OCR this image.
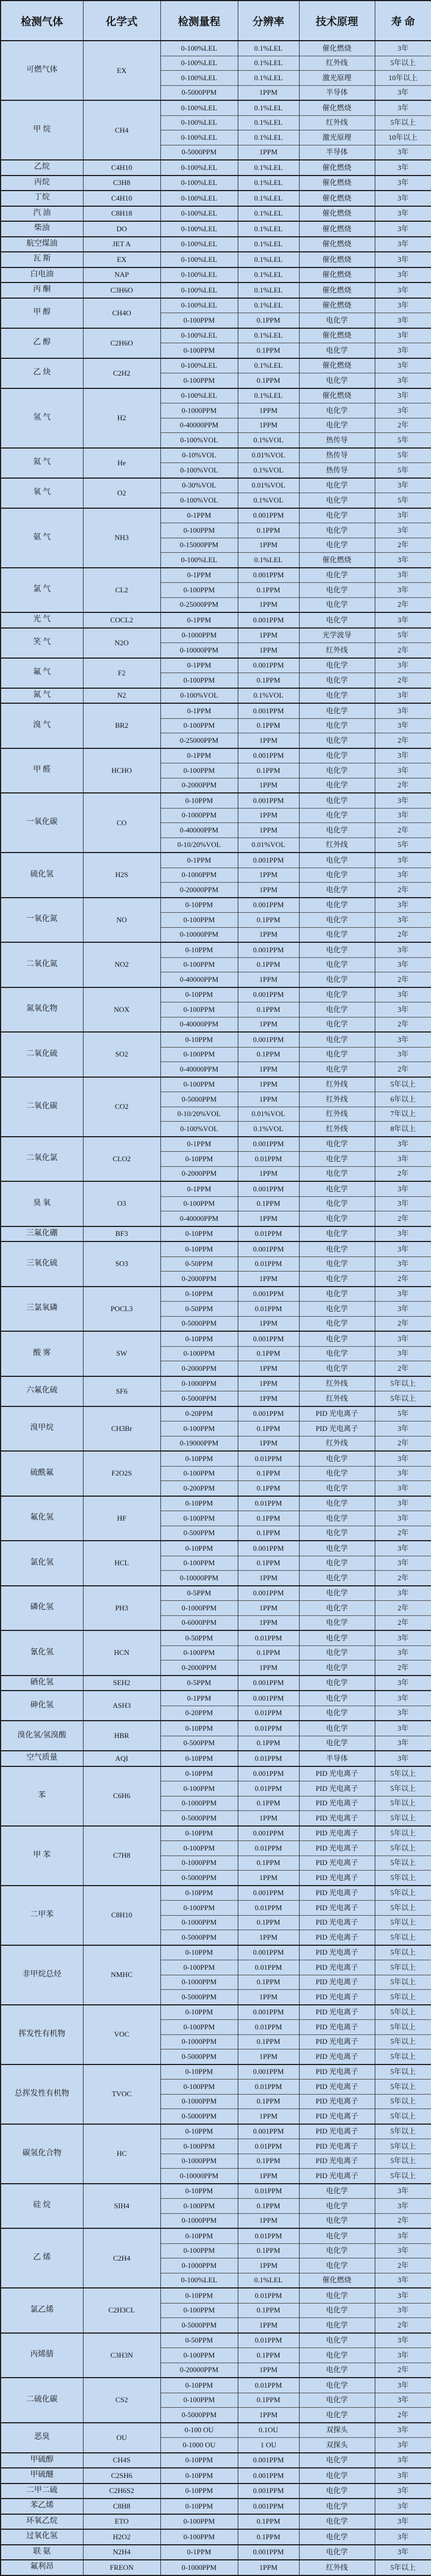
检测气体	化学式	检测量程	分辨率	技术原理	寿 命
可燃气体	EX	0-100%LEL	0.1%LEL	催化燃烧	3年
		0-100%LEL	0.1%LEL	红外线	5年以上
		0-100%LEL	0.1%LEL	激光原理	10年以上
		0-5000PPM	1PPM	半导体	3年
甲 烷	CH4	0-100%LEL	0.1%LEL	催化燃烧	3年
		0-100%LEL	0.1%LEL	红外线	5年以上
		0-100%LEL	0.1%LEL	激光原理	10年以上
		0-5000PPM	1PPM	半导体	3年
乙烷	C4H10	0-100%LEL	0.1%LEL	催化燃烧	3年
丙烷	C3H8	0-100%LEL	0.1%LEL	催化燃烧	3年
丁烷	C4H10	0-100%LEL	0.1%LEL	催化燃烧	3年
汽 油	C8H18	0-100%LEL	0.1%LEL	催化燃烧	3年
柴油	DO	0-100%LEL	0.1%LEL	催化燃烧	3年
航空煤油	JET A	0-100%LEL	0.1%LEL	催化燃烧	3年
瓦 斯	EX	0-100%LEL	0.1%LEL	催化燃烧	3年
白电油	NAP	0-100%LEL	0.1%LEL	催化燃烧	3年
丙 酮	C3H6O	0-100%LEL	0.1%LEL	催化燃烧	3年
甲 醇	CH4O	0-100%LEL	0.1%LEL	催化燃烧	3年
		0-100PPM	0.1PPM	电化学	3年
乙 醇	C2H6O	0-100%LEL	0.1%LEL	催化燃烧	3年
		0-100PPM	0.1PPM	电化学	3年
乙 炔	C2H2	0-100%LEL	0.1%LEL	催化燃烧	3年
		0-100PPM	0.1PPM	电化学	3年
氢 气	H2	0-100%LEL	0.1%LEL	催化燃烧	3年
		0-1000PPM	1PPM	电化学	3年
		0-40000PPM	1PPM	电化学	2年
		0-100%VOL	0.1%VOL	热传导	5年
氦 气	He	0-10%VOL	0.01%VOL	热传导	5年
		0-100%VOL	0.1%VOL	热传导	5年
氧 气	O2	0-30%VOL	0.01%VOL	电化学	3年
		0-100%VOL	0.1%VOL	电化学	5年
氨 气	NH3	0-1PPM	0.001PPM	电化学	3年
		0-100PPM	0.1PPM	电化学	3年
		0-15000PPM	1PPM	电化学	2年
		0-100%LEL	0.1%LEL	催化燃烧	3年
氯 气	CL2	0-1PPM	0.001PPM	电化学	3年
		0-100PPM	0.1PPM	电化学	3年
		0-25000PPM	1PPM	电化学	2年
光 气	COCL2	0-1PPM	0.001PPM	电化学	3年
笑 气	N2O	0-1000PPM	1PPM	光学波导	5年
		0-10000PPM	1PPM	红外线	2年
氟 气	F2	0-1PPM	0.001PPM	电化学	3年
		0-100PPM	0.1PPM	电化学	2年
氮 气	N2	0-100%VOL	0.1%VOL	电化学	3年
溴 气	BR2	0-1PPM	0.001PPM	电化学	3年
		0-100PPM	0.1PPM	电化学	3年
		0-25000PPM	1PPM	电化学	2年
甲 醛	HCHO	0-1PPM	0.001PPM	电化学	3年
		0-100PPM	0.1PPM	电化学	3年
		0-2000PPM	1PPM	电化学	2年
一氧化碳	CO	0-10PPM	0.001PPM	电化学	3年
		0-1000PPM	1PPM	电化学	3年
		0-40000PPM	1PPM	电化学	2年
		0-10/20%VOL	0.01%VOL	红外线	5年
硫化氢	H2S	0-1PPM	0.001PPM	电化学	3年
		0-1000PPM	1PPM	电化学	3年
		0-20000PPM	1PPM	电化学	2年
一氧化氮	NO	0-10PPM	0.001PPM	电化学	3年
		0-100PPM	0.1PPM	电化学	3年
		0-10000PPM	1PPM	电化学	2年
二氧化氮	NO2	0-10PPM	0.001PPM	电化学	3年
		0-100PPM	0.1PPM	电化学	3年
		0-40000PPM	1PPM	电化学	2年
氮氧化物	NOX	0-10PPM	0.001PPM	电化学	3年
		0-100PPM	0.1PPM	电化学	3年
		0-40000PPM	1PPM	电化学	2年
二氧化硫	SO2	0-10PPM	0.001PPM	电化学	3年
		0-100PPM	0.1PPM	电化学	3年
		0-40000PPM	1PPM	电化学	2年
二氧化碳	CO2	0-100PPM	1PPM	红外线	5年以上
		0-5000PPM	1PPM	红外线	6年以上
		0-10/20%VOL	0.01%VOL	红外线	7年以上
		0-100%VOL	0.1%VOL	红外线	8年以上
二氧化氯	CLO2	0-1PPM	0.001PPM	电化学	3年
		0-10PPM	0.01PPM	电化学	3年
		0-2000PPM	1PPM	电化学	2年
臭 氧	O3	0-1PPM	0.001PPM	电化学	3年
		0-100PPM	0.1PPM	电化学	3年
		0-40000PPM	1PPM	电化学	2年
三氟化硼	BF3	0-10PPM	0.01PPM	电化学	3年
三氧化硫	SO3	0-10PPM	0.001PPM	电化学	3年
		0-50PPM	0.01PPM	电化学	3年
		0-2000PPM	1PPM	电化学	2年
三氯氧磷	POCL3	0-10PPM	0.001PPM	电化学	3年
		0-50PPM	0.01PPM	电化学	3年
		0-5000PPM	1PPM	电化学	2年
酸 雾	SW	0-10PPM	0.001PPM	电化学	3年
		0-100PPM	0.1PPM	电化学	3年
		0-2000PPM	1PPM	电化学	2年
六氟化硫	SF6	0-1000PPM	1PPM	红外线	5年以上
		0-5000PPM	1PPM	红外线	5年以上
溴甲烷	CH3Br	0-20PPM	0.001PPM	PID 光电离子	5年
		0-100PPM	0.1PPM	PID 光电离子	3年
		0-19000PPM	1PPM	红外线	2年
硫酰氟	F2O2S	0-10PPM	0.01PPM	电化学	3年
		0-100PPM	0.1PPM	电化学	3年
		0-200PPM	0.1PPM	电化学	3年
氟化氢	HF	0-10PPM	0.01PPM	电化学	3年
		0-100PPM	0.1PPM	电化学	3年
		0-500PPM	0.1PPM	电化学	2年
氯化氢	HCL	0-10PPM	0.001PPM	电化学	3年
		0-100PPM	0.1PPM	电化学	3年
		0-10000PPM	1PPM	电化学	2年
磷化氢	PH3	0-5PPM	0.001PPM	电化学	3年
		0-1000PPM	1PPM	电化学	2年
		0-6000PPM	1PPM	电化学	2年
氰化氢	HCN	0-50PPM	0.01PPM	电化学	3年
		0-100PPM	0.1PPM	电化学	3年
		0-2000PPM	1PPM	电化学	2年
硒化氢	SEH2	0-5PPM	0.001PPM	电化学	3年
砷化氢	ASH3	0-1PPM	0.001PPM	电化学	3年
		0-20PPM	0.01PPM	电化学	3年
溴化氢/氢溴酸	HBR	0-10PPM	0.01PPM	电化学	3年
		0-500PPM	0.1PPM	电化学	3年
空气质量	AQI	0-10PPM	0.01PPM	半导体	3年
苯	C6H6	0-10PPM	0.001PPM	PID 光电离子	5年以上
		0-100PPM	0.01PPM	PID 光电离子	5年以上
		0-1000PPM	0.1PPM	PID 光电离子	5年以上
		0-5000PPM	1PPM	PID 光电离子	5年以上
甲 苯	C7H8	0-10PPM	0.001PPM	PID 光电离子	5年以上
		0-100PPM	0.01PPM	PID 光电离子	5年以上
		0-1000PPM	0.1PPM	PID 光电离子	5年以上
		0-5000PPM	1PPM	PID 光电离子	5年以上
二甲苯	C8H10	0-10PPM	0.001PPM	PID 光电离子	5年以上
		0-100PPM	0.01PPM	PID 光电离子	5年以上
		0-1000PPM	0.1PPM	PID 光电离子	5年以上
		0-5000PPM	1PPM	PID 光电离子	5年以上
非甲烷总烃	NMHC	0-10PPM	0.001PPM	PID 光电离子	5年以上
		0-100PPM	0.01PPM	PID 光电离子	5年以上
		0-1000PPM	0.1PPM	PID 光电离子	5年以上
		0-5000PPM	1PPM	PID 光电离子	5年以上
挥发性有机物	VOC	0-10PPM	0.001PPM	PID 光电离子	5年以上
		0-100PPM	0.01PPM	PID 光电离子	5年以上
		0-1000PPM	0.1PPM	PID 光电离子	5年以上
		0-5000PPM	1PPM	PID 光电离子	5年以上
总挥发性有机物	TVOC	0-10PPM	0.001PPM	PID 光电离子	5年以上
		0-100PPM	0.01PPM	PID 光电离子	5年以上
		0-1000PPM	0.1PPM	PID 光电离子	5年以上
		0-5000PPM	1PPM	PID 光电离子	5年以上
碳氢化合物	HC	0-10PPM	0.001PPM	PID 光电离子	5年以上
		0-100PPM	0.01PPM	PID 光电离子	5年以上
		0-1000PPM	0.1PPM	PID 光电离子	5年以上
		0-10000PPM	1PPM	PID 光电离子	5年以上
硅 烷	SIH4	0-10PPM	0.01PPM	电化学	3年
		0-100PPM	0.1PPM	电化学	3年
		0-1000PPM	1PPM	电化学	2年
乙 烯	C2H4	0-10PPM	0.01PPM	电化学	3年
		0-100PPM	0.1PPM	电化学	3年
		0-1000PPM	1PPM	电化学	2年
		0-100%LEL	0.1%LEL	催化燃烧	3年
氯乙烯	C2H3CL	0-10PPM	0.01PPM	电化学	3年
		0-100PPM	0.1PPM	电化学	3年
		0-5000PPM	1PPM	电化学	2年
丙烯腈	C3H3N	0-50PPM	0.01PPM	电化学	3年
		0-100PPM	0.1PPM	电化学	3年
		0-20000PPM	1PPM	电化学	2年
二硫化碳	CS2	0-10PPM	0.01PPM	电化学	3年
		0-100PPM	0.1PPM	电化学	3年
		0-5000PPM	1PPM	电化学	2年
恶臭	OU	0-100 OU	0.1OU	双探头	3年
		0-1000 OU	1 OU	双探头	3年
甲硫醇	CH4S	0-10PPM	0.001PPM	电化学	3年
甲硫醚	C2SH6	0-10PPM	0.001PPM	电化学	3年
二甲二硫	C2H6S2	0-10PPM	0.001PPM	电化学	3年
苯乙烯	C8H8	0-10PPM	0.001PPM	电化学	3年
环氧乙烷	ETO	0-100PPM	0.1PPM	电化学	3年
过氧化氢	H2O2	0-100PPM	0.1PPM	电化学	3年
联 氨	N2H4	0-1PPM	0.001PPM	电化学	3年
氟利昂	FREON	0-1000PPM	1PPM	红外线	5年以上
